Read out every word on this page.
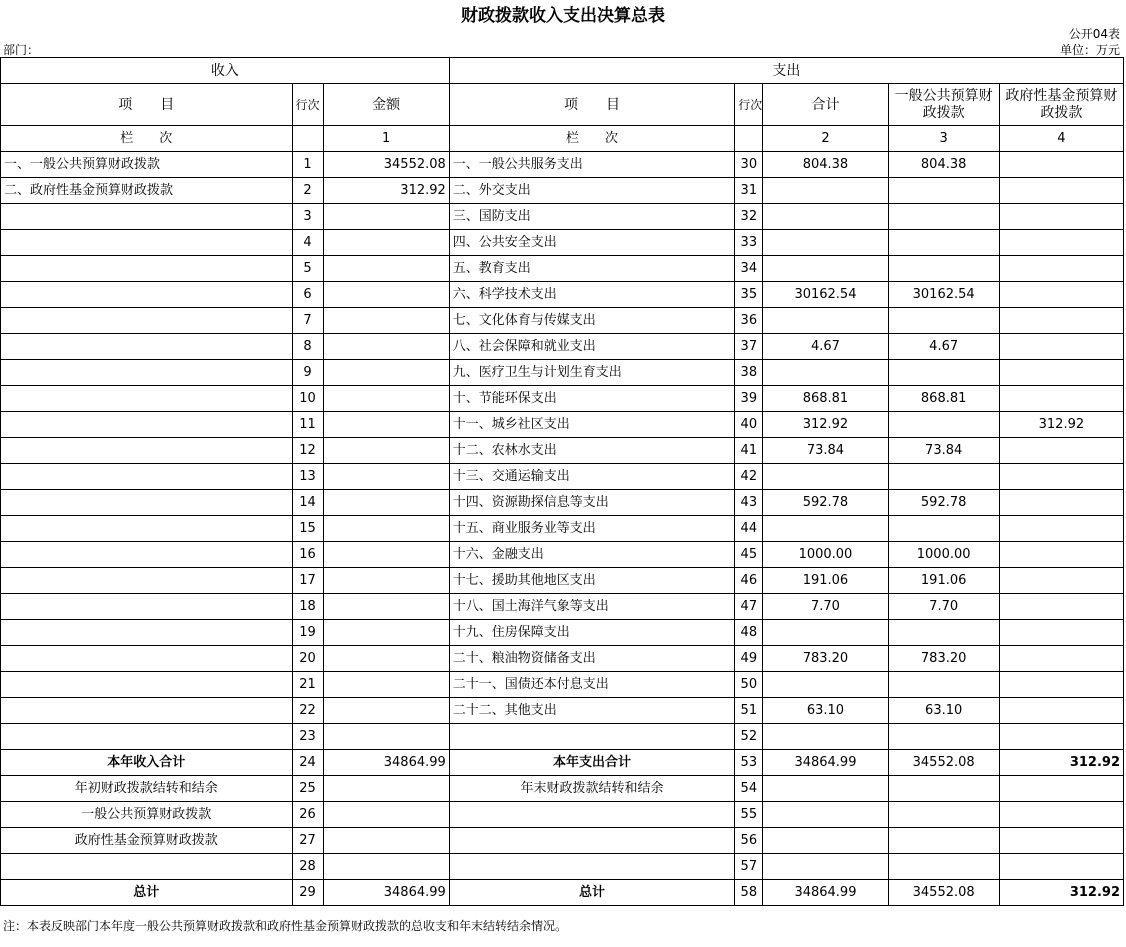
财政拨款收入支出决算总表
公开04表
部门：	单位：万元
收入			支出				
项　　目	行次	金额	项　　目	行次	合计	一般公共预算财政拨款	政府性基金预算财政拨款
栏　　次		1	栏　　次		2	3	4
一、一般公共预算财政拨款	1	34552.08	一、一般公共服务支出	30	804.38	804.38	
二、政府性基金预算财政拨款	2	312.92	二、外交支出	31			
	3		三、国防支出	32			
	4		四、公共安全支出	33			
	5		五、教育支出	34			
	6		六、科学技术支出	35	30162.54	30162.54	
	7		七、文化体育与传媒支出	36			
	8		八、社会保障和就业支出	37	4.67	4.67	
	9		九、医疗卫生与计划生育支出	38			
	10		十、节能环保支出	39	868.81	868.81	
	11		十一、城乡社区支出	40	312.92		312.92
	12		十二、农林水支出	41	73.84	73.84	
	13		十三、交通运输支出	42			
	14		十四、资源勘探信息等支出	43	592.78	592.78	
	15		十五、商业服务业等支出	44			
	16		十六、金融支出	45	1000.00	1000.00	
	17		十七、援助其他地区支出	46	191.06	191.06	
	18		十八、国土海洋气象等支出	47	7.70	7.70	
	19		十九、住房保障支出	48			
	20		二十、粮油物资储备支出	49	783.20	783.20	
	21		二十一、国债还本付息支出	50			
	22		二十二、其他支出	51	63.10	63.10	
	23			52			
本年收入合计	24	34864.99	本年支出合计	53	34864.99	34552.08	312.92
年初财政拨款结转和结余	25		年末财政拨款结转和结余	54			
一般公共预算财政拨款	26			55			
政府性基金预算财政拨款	27			56			
	28			57			
总计	29	34864.99	总计	58	34864.99	34552.08	312.92
注：本表反映部门本年度一般公共预算财政拨款和政府性基金预算财政拨款的总收支和年末结转结余情况。
